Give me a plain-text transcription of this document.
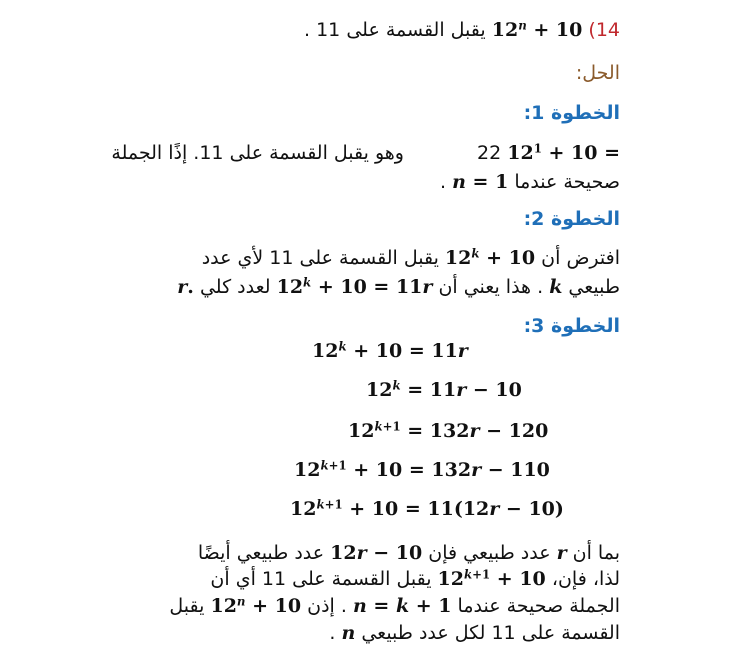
14) $12^n + 10$ يقبل القسمة على 11 .
الحل:
الخطوة 1:
$12^1 + 10 = 22$
وهو يقبل القسمة على 11. إذًا الجملة
صحيحة عندما n = 1 .
الخطوة 2:
افترض أن $12^k + 10$ يقبل القسمة على 11 لأي عدد
طبيعي k . هذا يعني أن $12^k + 10 = 11r$ لعدد كلي r.
الخطوة 3:
$12^k + 10 = 11r$
$12^k = 11r - 10$
$12^{k+1} = 132r - 120$
$12^{k+1} + 10 = 132r - 110$
$12^{k+1} + 10 = 11(12r - 10)$
بما أن r عدد طبيعي فإن 12r − 10 عدد طبيعي أيضًا
لذا، فإن، $12^{k+1} + 10$ يقبل القسمة على 11 أي أن
الجملة صحيحة عندما n = k + 1 . إذن $12^n + 10$ يقبل
القسمة على 11 لكل عدد طبيعي n .
